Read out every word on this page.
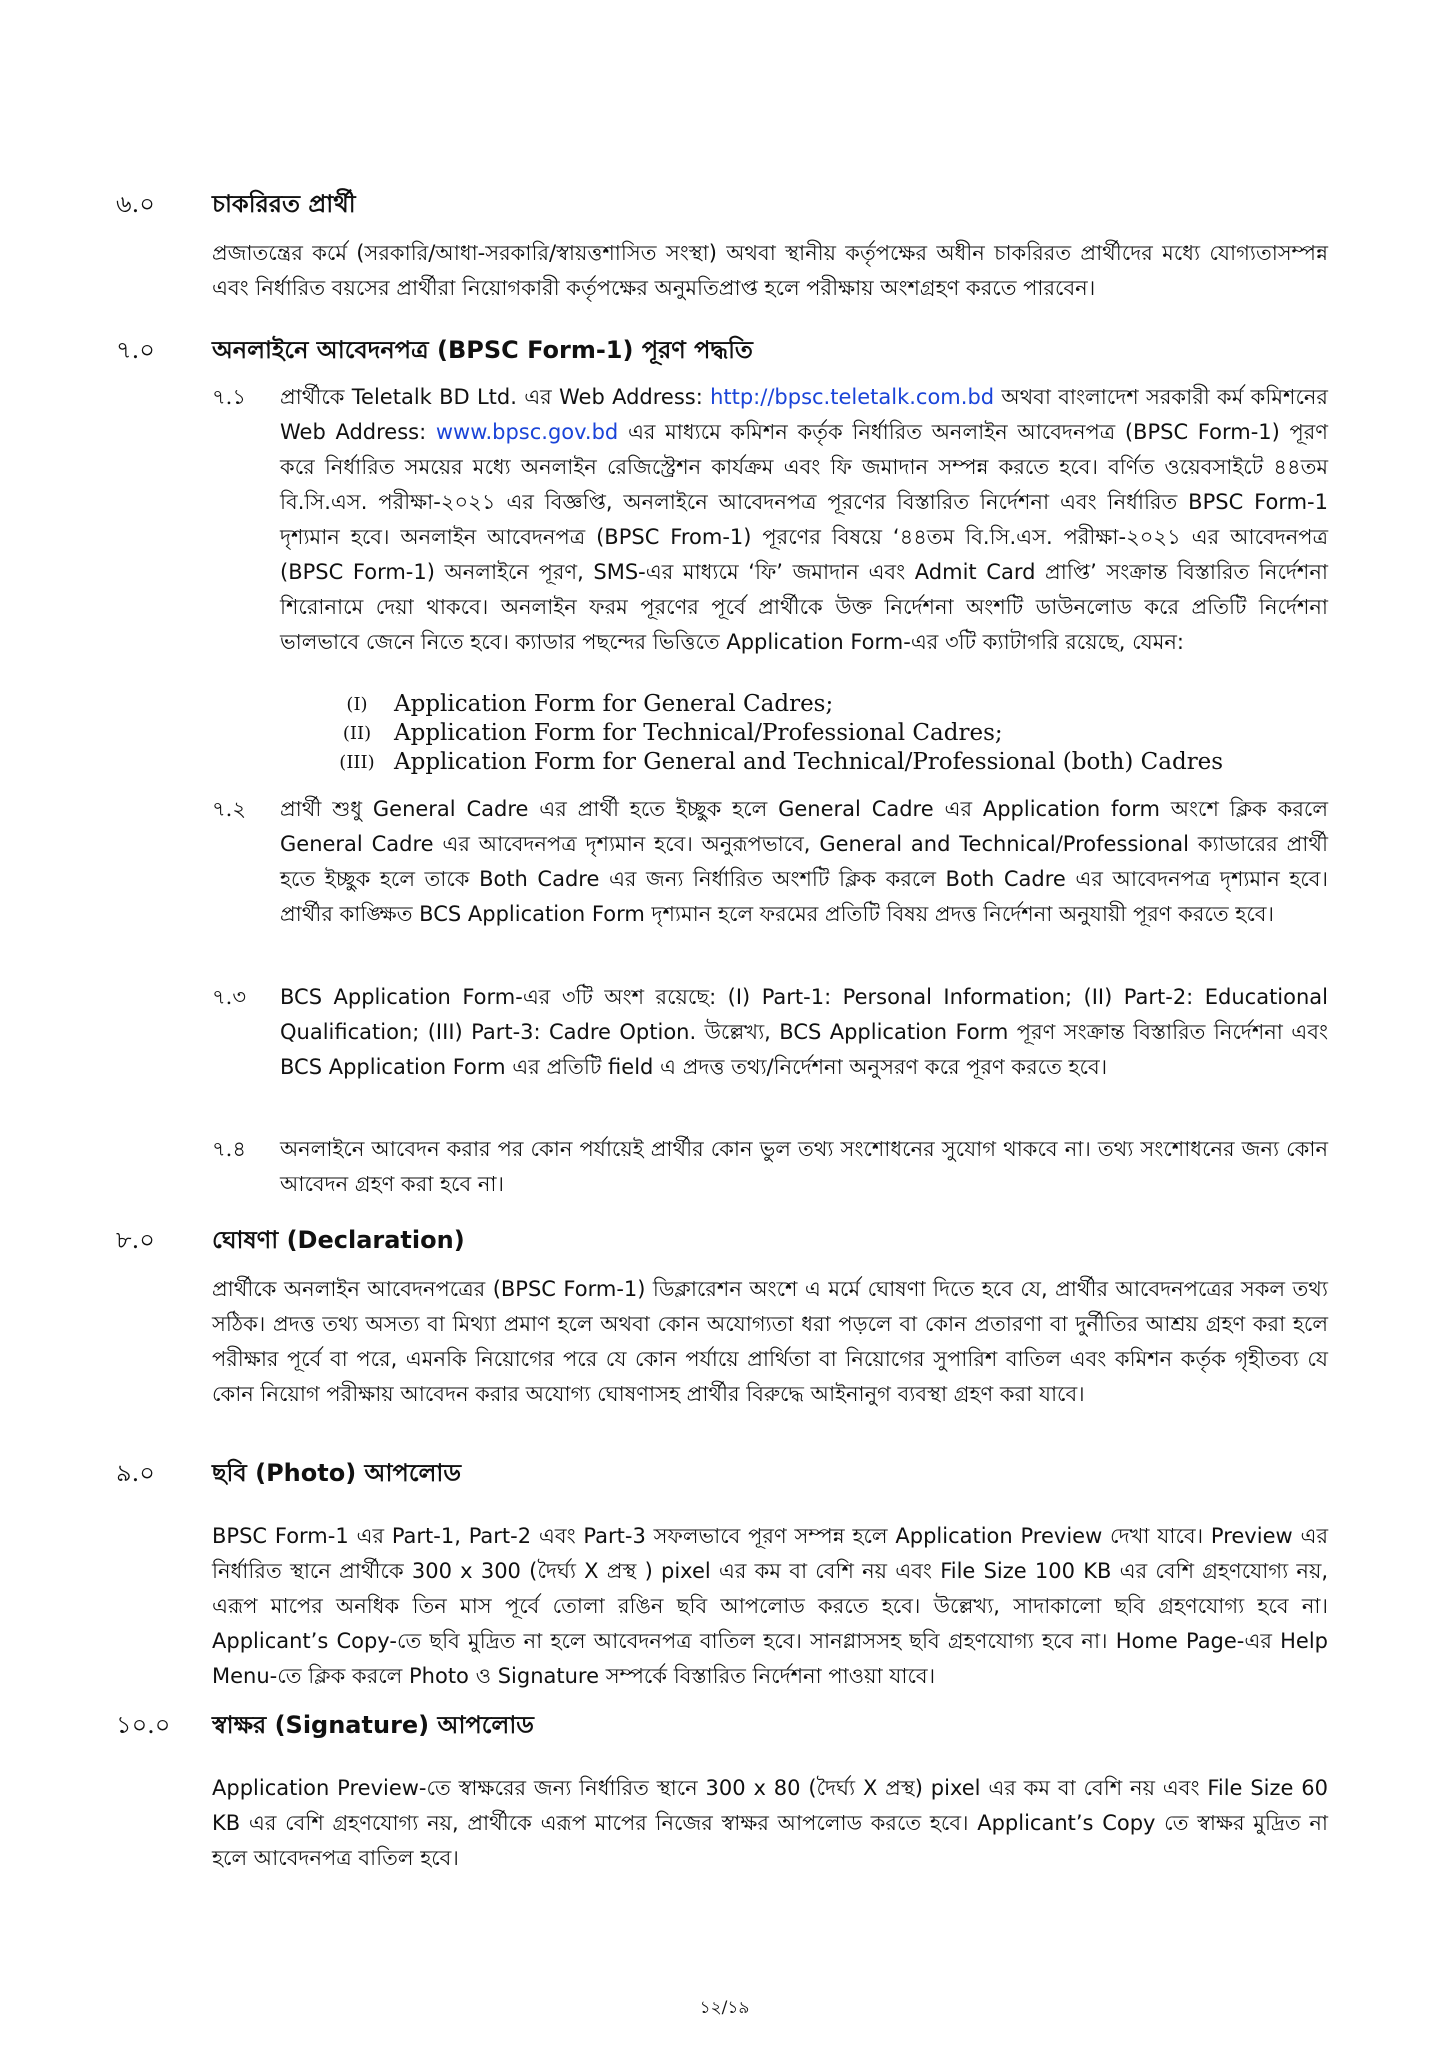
৬.০	চাকরিরত প্রার্থী
প্রজাতন্ত্রের কর্মে (সরকারি/আধা-সরকারি/স্বায়ত্তশাসিত সংস্থা) অথবা স্থানীয় কর্তৃপক্ষের অধীন চাকরিরত প্রার্থীদের মধ্যে যোগ্যতাসম্পন্ন এবং নির্ধারিত বয়সের প্রার্থীরা নিয়োগকারী কর্তৃপক্ষের অনুমতিপ্রাপ্ত হলে পরীক্ষায় অংশগ্রহণ করতে পারবেন।
৭.০	অনলাইনে আবেদনপত্র (BPSC Form-1) পূরণ পদ্ধতি
৭.১	প্রার্থীকে Teletalk BD Ltd. এর Web Address: http://bpsc.teletalk.com.bd অথবা বাংলাদেশ সরকারী কর্ম কমিশনের Web Address: www.bpsc.gov.bd এর মাধ্যমে কমিশন কর্তৃক নির্ধারিত অনলাইন আবেদনপত্র (BPSC Form-1) পূরণ করে নির্ধারিত সময়ের মধ্যে অনলাইন রেজিস্ট্রেশন কার্যক্রম এবং ফি জমাদান সম্পন্ন করতে হবে। বর্ণিত ওয়েবসাইটে ৪৪তম বি.সি.এস. পরীক্ষা-২০২১ এর বিজ্ঞপ্তি, অনলাইনে আবেদনপত্র পূরণের বিস্তারিত নির্দেশনা এবং নির্ধারিত BPSC Form-1 দৃশ্যমান হবে। অনলাইন আবেদনপত্র (BPSC From-1) পূরণের বিষয়ে ‘৪৪তম বি.সি.এস. পরীক্ষা-২০২১ এর আবেদনপত্র (BPSC Form-1) অনলাইনে পূরণ, SMS-এর মাধ্যমে ‘ফি’ জমাদান এবং Admit Card প্রাপ্তি’ সংক্রান্ত বিস্তারিত নির্দেশনা শিরোনামে দেয়া থাকবে। অনলাইন ফরম পূরণের পূর্বে প্রার্থীকে উক্ত নির্দেশনা অংশটি ডাউনলোড করে প্রতিটি নির্দেশনা ভালভাবে জেনে নিতে হবে। ক্যাডার পছন্দের ভিত্তিতে Application Form-এর ৩টি ক্যাটাগরি রয়েছে, যেমন:
(I)	Application Form for General Cadres;
(II) Application Form for Technical/Professional Cadres;
(III) Application Form for General and Technical/Professional (both) Cadres
৭.২	প্রার্থী শুধু General Cadre এর প্রার্থী হতে ইচ্ছুক হলে General Cadre এর Application form অংশে ক্লিক করলে General Cadre এর আবেদনপত্র দৃশ্যমান হবে। অনুরূপভাবে, General and Technical/Professional ক্যাডারের প্রার্থী হতে ইচ্ছুক হলে তাকে Both Cadre এর জন্য নির্ধারিত অংশটি ক্লিক করলে Both Cadre এর আবেদনপত্র দৃশ্যমান হবে। প্রার্থীর কাঙ্ক্ষিত BCS Application Form দৃশ্যমান হলে ফরমের প্রতিটি বিষয় প্রদত্ত নির্দেশনা অনুযায়ী পূরণ করতে হবে।
৭.৩	BCS Application Form-এর ৩টি অংশ রয়েছে: (I) Part-1: Personal Information; (II) Part-2: Educational Qualification; (III) Part-3: Cadre Option. উল্লেখ্য, BCS Application Form পূরণ সংক্রান্ত বিস্তারিত নির্দেশনা এবং BCS Application Form এর প্রতিটি field এ প্রদত্ত তথ্য/নির্দেশনা অনুসরণ করে পূরণ করতে হবে।
৭.৪	অনলাইনে আবেদন করার পর কোন পর্যায়েই প্রার্থীর কোন ভুল তথ্য সংশোধনের সুযোগ থাকবে না। তথ্য সংশোধনের জন্য কোন আবেদন গ্রহণ করা হবে না।
৮.০	ঘোষণা (Declaration)
প্রার্থীকে অনলাইন আবেদনপত্রের (BPSC Form-1) ডিক্লারেশন অংশে এ মর্মে ঘোষণা দিতে হবে যে, প্রার্থীর আবেদনপত্রের সকল তথ্য সঠিক। প্রদত্ত তথ্য অসত্য বা মিথ্যা প্রমাণ হলে অথবা কোন অযোগ্যতা ধরা পড়লে বা কোন প্রতারণা বা দুর্নীতির আশ্রয় গ্রহণ করা হলে পরীক্ষার পূর্বে বা পরে, এমনকি নিয়োগের পরে যে কোন পর্যায়ে প্রার্থিতা বা নিয়োগের সুপারিশ বাতিল এবং কমিশন কর্তৃক গৃহীতব্য যে কোন নিয়োগ পরীক্ষায় আবেদন করার অযোগ্য ঘোষণাসহ প্রার্থীর বিরুদ্ধে আইনানুগ ব্যবস্থা গ্রহণ করা যাবে।
৯.০	ছবি (Photo) আপলোড
BPSC Form-1 এর Part-1, Part-2 এবং Part-3 সফলভাবে পূরণ সম্পন্ন হলে Application Preview দেখা যাবে। Preview এর নির্ধারিত স্থানে প্রার্থীকে 300 x 300 (দৈর্ঘ্য X প্রস্থ ) pixel এর কম বা বেশি নয় এবং File Size 100 KB এর বেশি গ্রহণযোগ্য নয়, এরূপ মাপের অনধিক তিন মাস পূর্বে তোলা রঙিন ছবি আপলোড করতে হবে। উল্লেখ্য, সাদাকালো ছবি গ্রহণযোগ্য হবে না। Applicant’s Copy-তে ছবি মুদ্রিত না হলে আবেদনপত্র বাতিল হবে। সানগ্লাসসহ ছবি গ্রহণযোগ্য হবে না। Home Page-এর Help Menu-তে ক্লিক করলে Photo ও Signature সম্পর্কে বিস্তারিত নির্দেশনা পাওয়া যাবে।
১০.০	স্বাক্ষর (Signature) আপলোড
Application Preview-তে স্বাক্ষরের জন্য নির্ধারিত স্থানে 300 x 80 (দৈর্ঘ্য X প্রস্থ) pixel এর কম বা বেশি নয় এবং File Size 60 KB এর বেশি গ্রহণযোগ্য নয়, প্রার্থীকে এরূপ মাপের নিজের স্বাক্ষর আপলোড করতে হবে। Applicant’s Copy তে স্বাক্ষর মুদ্রিত না হলে আবেদনপত্র বাতিল হবে।
১২/১৯
